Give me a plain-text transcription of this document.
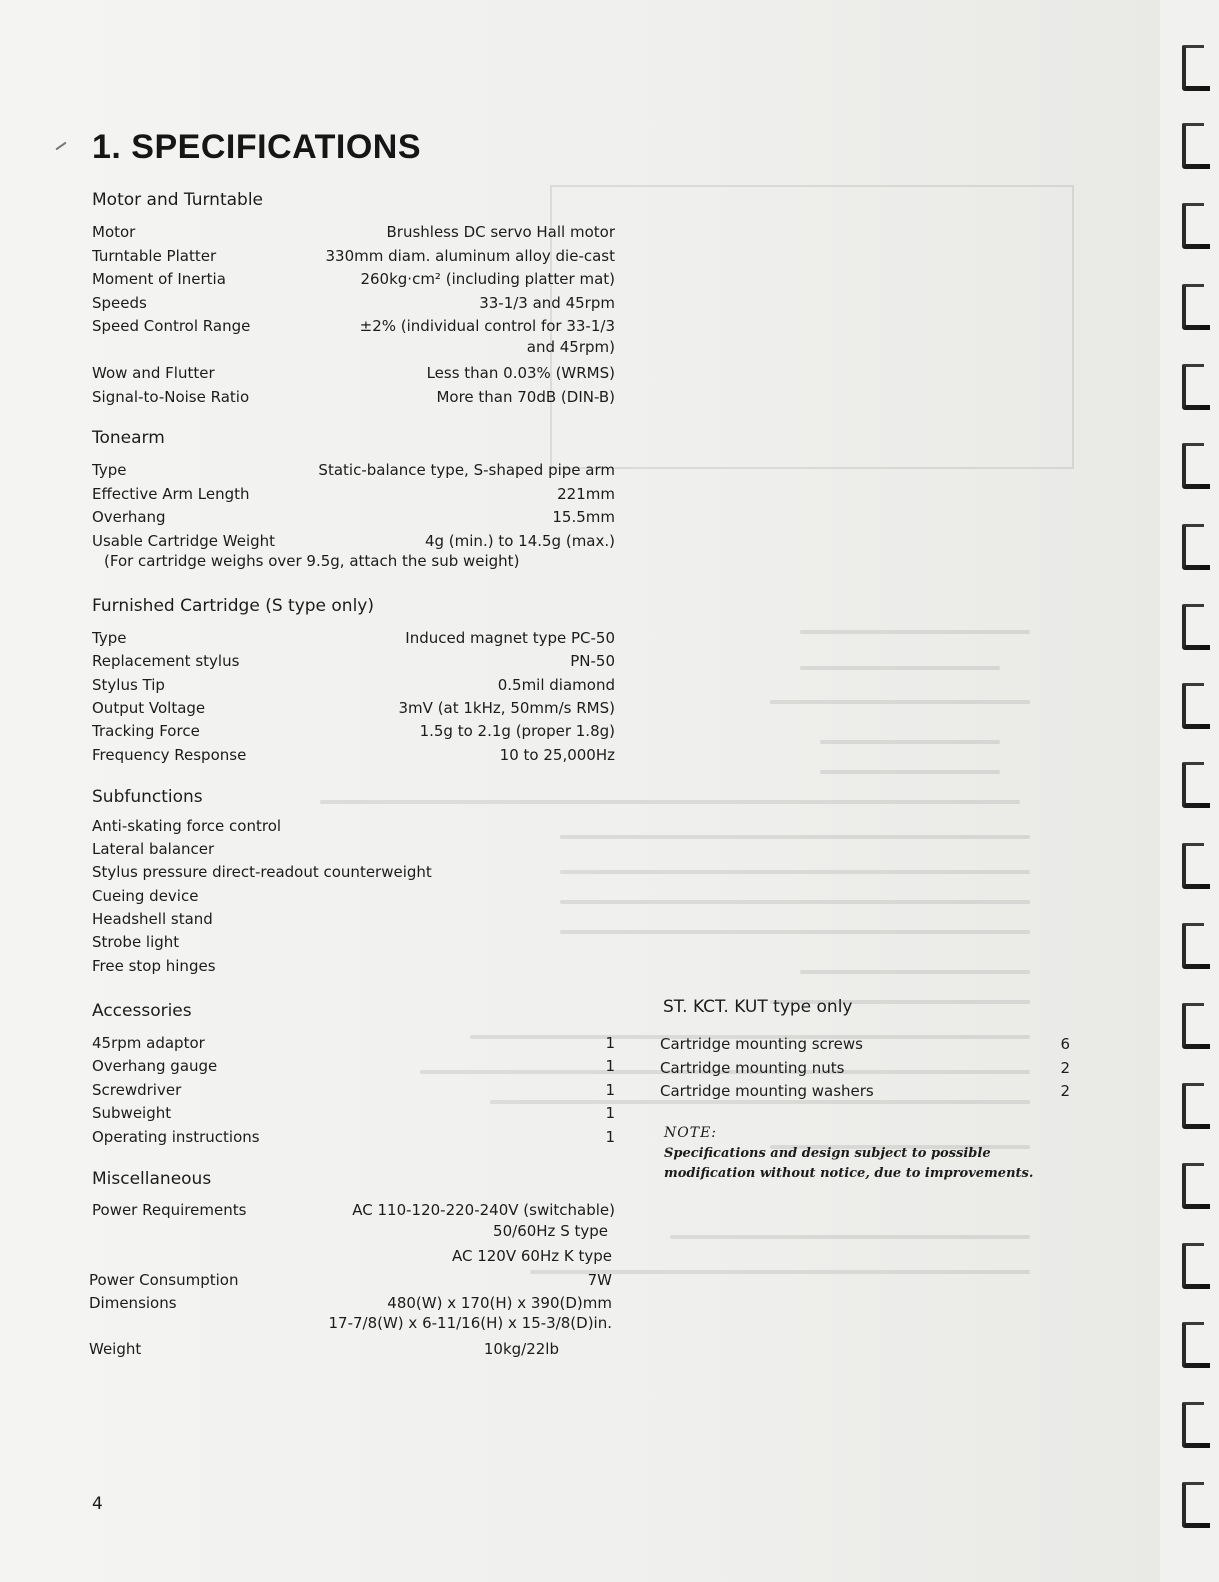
1. SPECIFICATIONS
Motor and Turntable
Motor	Brushless DC servo Hall motor
Turntable Platter	330mm diam. aluminum alloy die-cast
Moment of Inertia	260kg·cm² (including platter mat)
Speeds	33-1/3 and 45rpm
Speed Control Range	±2% (individual control for 33-1/3
and 45rpm)
Wow and Flutter	Less than 0.03% (WRMS)
Signal-to-Noise Ratio	More than 70dB (DIN-B)
Tonearm
Type	Static-balance type, S-shaped pipe arm
Effective Arm Length	221mm
Overhang	15.5mm
Usable Cartridge Weight	4g (min.) to 14.5g (max.)
(For cartridge weighs over 9.5g, attach the sub weight)
Furnished Cartridge (S type only)
Type	Induced magnet type PC-50
Replacement stylus	PN-50
Stylus Tip	0.5mil diamond
Output Voltage	3mV (at 1kHz, 50mm/s RMS)
Tracking Force	1.5g to 2.1g (proper 1.8g)
Frequency Response	10 to 25,000Hz
Subfunctions
Anti-skating force control
Lateral balancer
Stylus pressure direct-readout counterweight
Cueing device
Headshell stand
Strobe light
Free stop hinges
Accessories
45rpm adaptor	1
Overhang gauge	1
Screwdriver	1
Subweight	1
Operating instructions	1
ST. KCT. KUT type only
Cartridge mounting screws	6
Cartridge mounting nuts	2
Cartridge mounting washers	2
NOTE:
Specifications and design subject to possible modification without notice, due to improvements.
Miscellaneous
Power Requirements	AC 110-120-220-240V (switchable)
50/60Hz S type
AC 120V 60Hz K type
Power Consumption	7W
Dimensions	480(W) x 170(H) x 390(D)mm
17-7/8(W) x 6-11/16(H) x 15-3/8(D)in.
Weight	10kg/22lb
4
